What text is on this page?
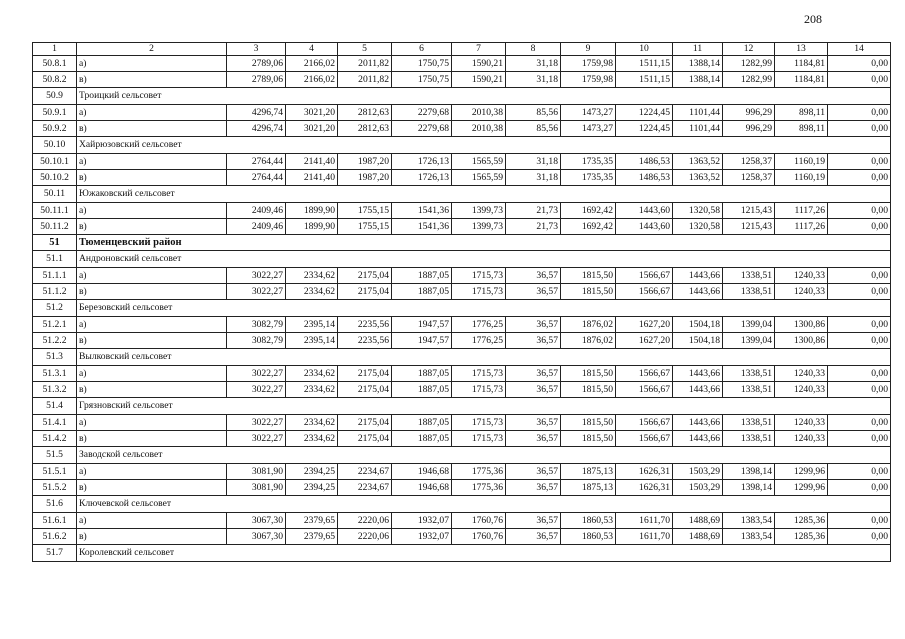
208
1	2	3	4	5	6	7	8	9	10	11	12	13	14
50.8.1	а)	2789,06	2166,02	2011,82	1750,75	1590,21	31,18	1759,98	1511,15	1388,14	1282,99	1184,81	0,00
50.8.2	в)	2789,06	2166,02	2011,82	1750,75	1590,21	31,18	1759,98	1511,15	1388,14	1282,99	1184,81	0,00
50.9	Троицкий сельсовет												
50.9.1	а)	4296,74	3021,20	2812,63	2279,68	2010,38	85,56	1473,27	1224,45	1101,44	996,29	898,11	0,00
50.9.2	в)	4296,74	3021,20	2812,63	2279,68	2010,38	85,56	1473,27	1224,45	1101,44	996,29	898,11	0,00
50.10	Хайрюзовский сельсовет												
50.10.1	а)	2764,44	2141,40	1987,20	1726,13	1565,59	31,18	1735,35	1486,53	1363,52	1258,37	1160,19	0,00
50.10.2	в)	2764,44	2141,40	1987,20	1726,13	1565,59	31,18	1735,35	1486,53	1363,52	1258,37	1160,19	0,00
50.11	Южаковский сельсовет												
50.11.1	а)	2409,46	1899,90	1755,15	1541,36	1399,73	21,73	1692,42	1443,60	1320,58	1215,43	1117,26	0,00
50.11.2	в)	2409,46	1899,90	1755,15	1541,36	1399,73	21,73	1692,42	1443,60	1320,58	1215,43	1117,26	0,00
51	Тюменцевский район												
51.1	Андроновский сельсовет												
51.1.1	а)	3022,27	2334,62	2175,04	1887,05	1715,73	36,57	1815,50	1566,67	1443,66	1338,51	1240,33	0,00
51.1.2	в)	3022,27	2334,62	2175,04	1887,05	1715,73	36,57	1815,50	1566,67	1443,66	1338,51	1240,33	0,00
51.2	Березовский сельсовет												
51.2.1	а)	3082,79	2395,14	2235,56	1947,57	1776,25	36,57	1876,02	1627,20	1504,18	1399,04	1300,86	0,00
51.2.2	в)	3082,79	2395,14	2235,56	1947,57	1776,25	36,57	1876,02	1627,20	1504,18	1399,04	1300,86	0,00
51.3	Вылковский сельсовет												
51.3.1	а)	3022,27	2334,62	2175,04	1887,05	1715,73	36,57	1815,50	1566,67	1443,66	1338,51	1240,33	0,00
51.3.2	в)	3022,27	2334,62	2175,04	1887,05	1715,73	36,57	1815,50	1566,67	1443,66	1338,51	1240,33	0,00
51.4	Грязновский сельсовет												
51.4.1	а)	3022,27	2334,62	2175,04	1887,05	1715,73	36,57	1815,50	1566,67	1443,66	1338,51	1240,33	0,00
51.4.2	в)	3022,27	2334,62	2175,04	1887,05	1715,73	36,57	1815,50	1566,67	1443,66	1338,51	1240,33	0,00
51.5	Заводской сельсовет												
51.5.1	а)	3081,90	2394,25	2234,67	1946,68	1775,36	36,57	1875,13	1626,31	1503,29	1398,14	1299,96	0,00
51.5.2	в)	3081,90	2394,25	2234,67	1946,68	1775,36	36,57	1875,13	1626,31	1503,29	1398,14	1299,96	0,00
51.6	Ключевской сельсовет												
51.6.1	а)	3067,30	2379,65	2220,06	1932,07	1760,76	36,57	1860,53	1611,70	1488,69	1383,54	1285,36	0,00
51.6.2	в)	3067,30	2379,65	2220,06	1932,07	1760,76	36,57	1860,53	1611,70	1488,69	1383,54	1285,36	0,00
51.7	Королевский сельсовет												
